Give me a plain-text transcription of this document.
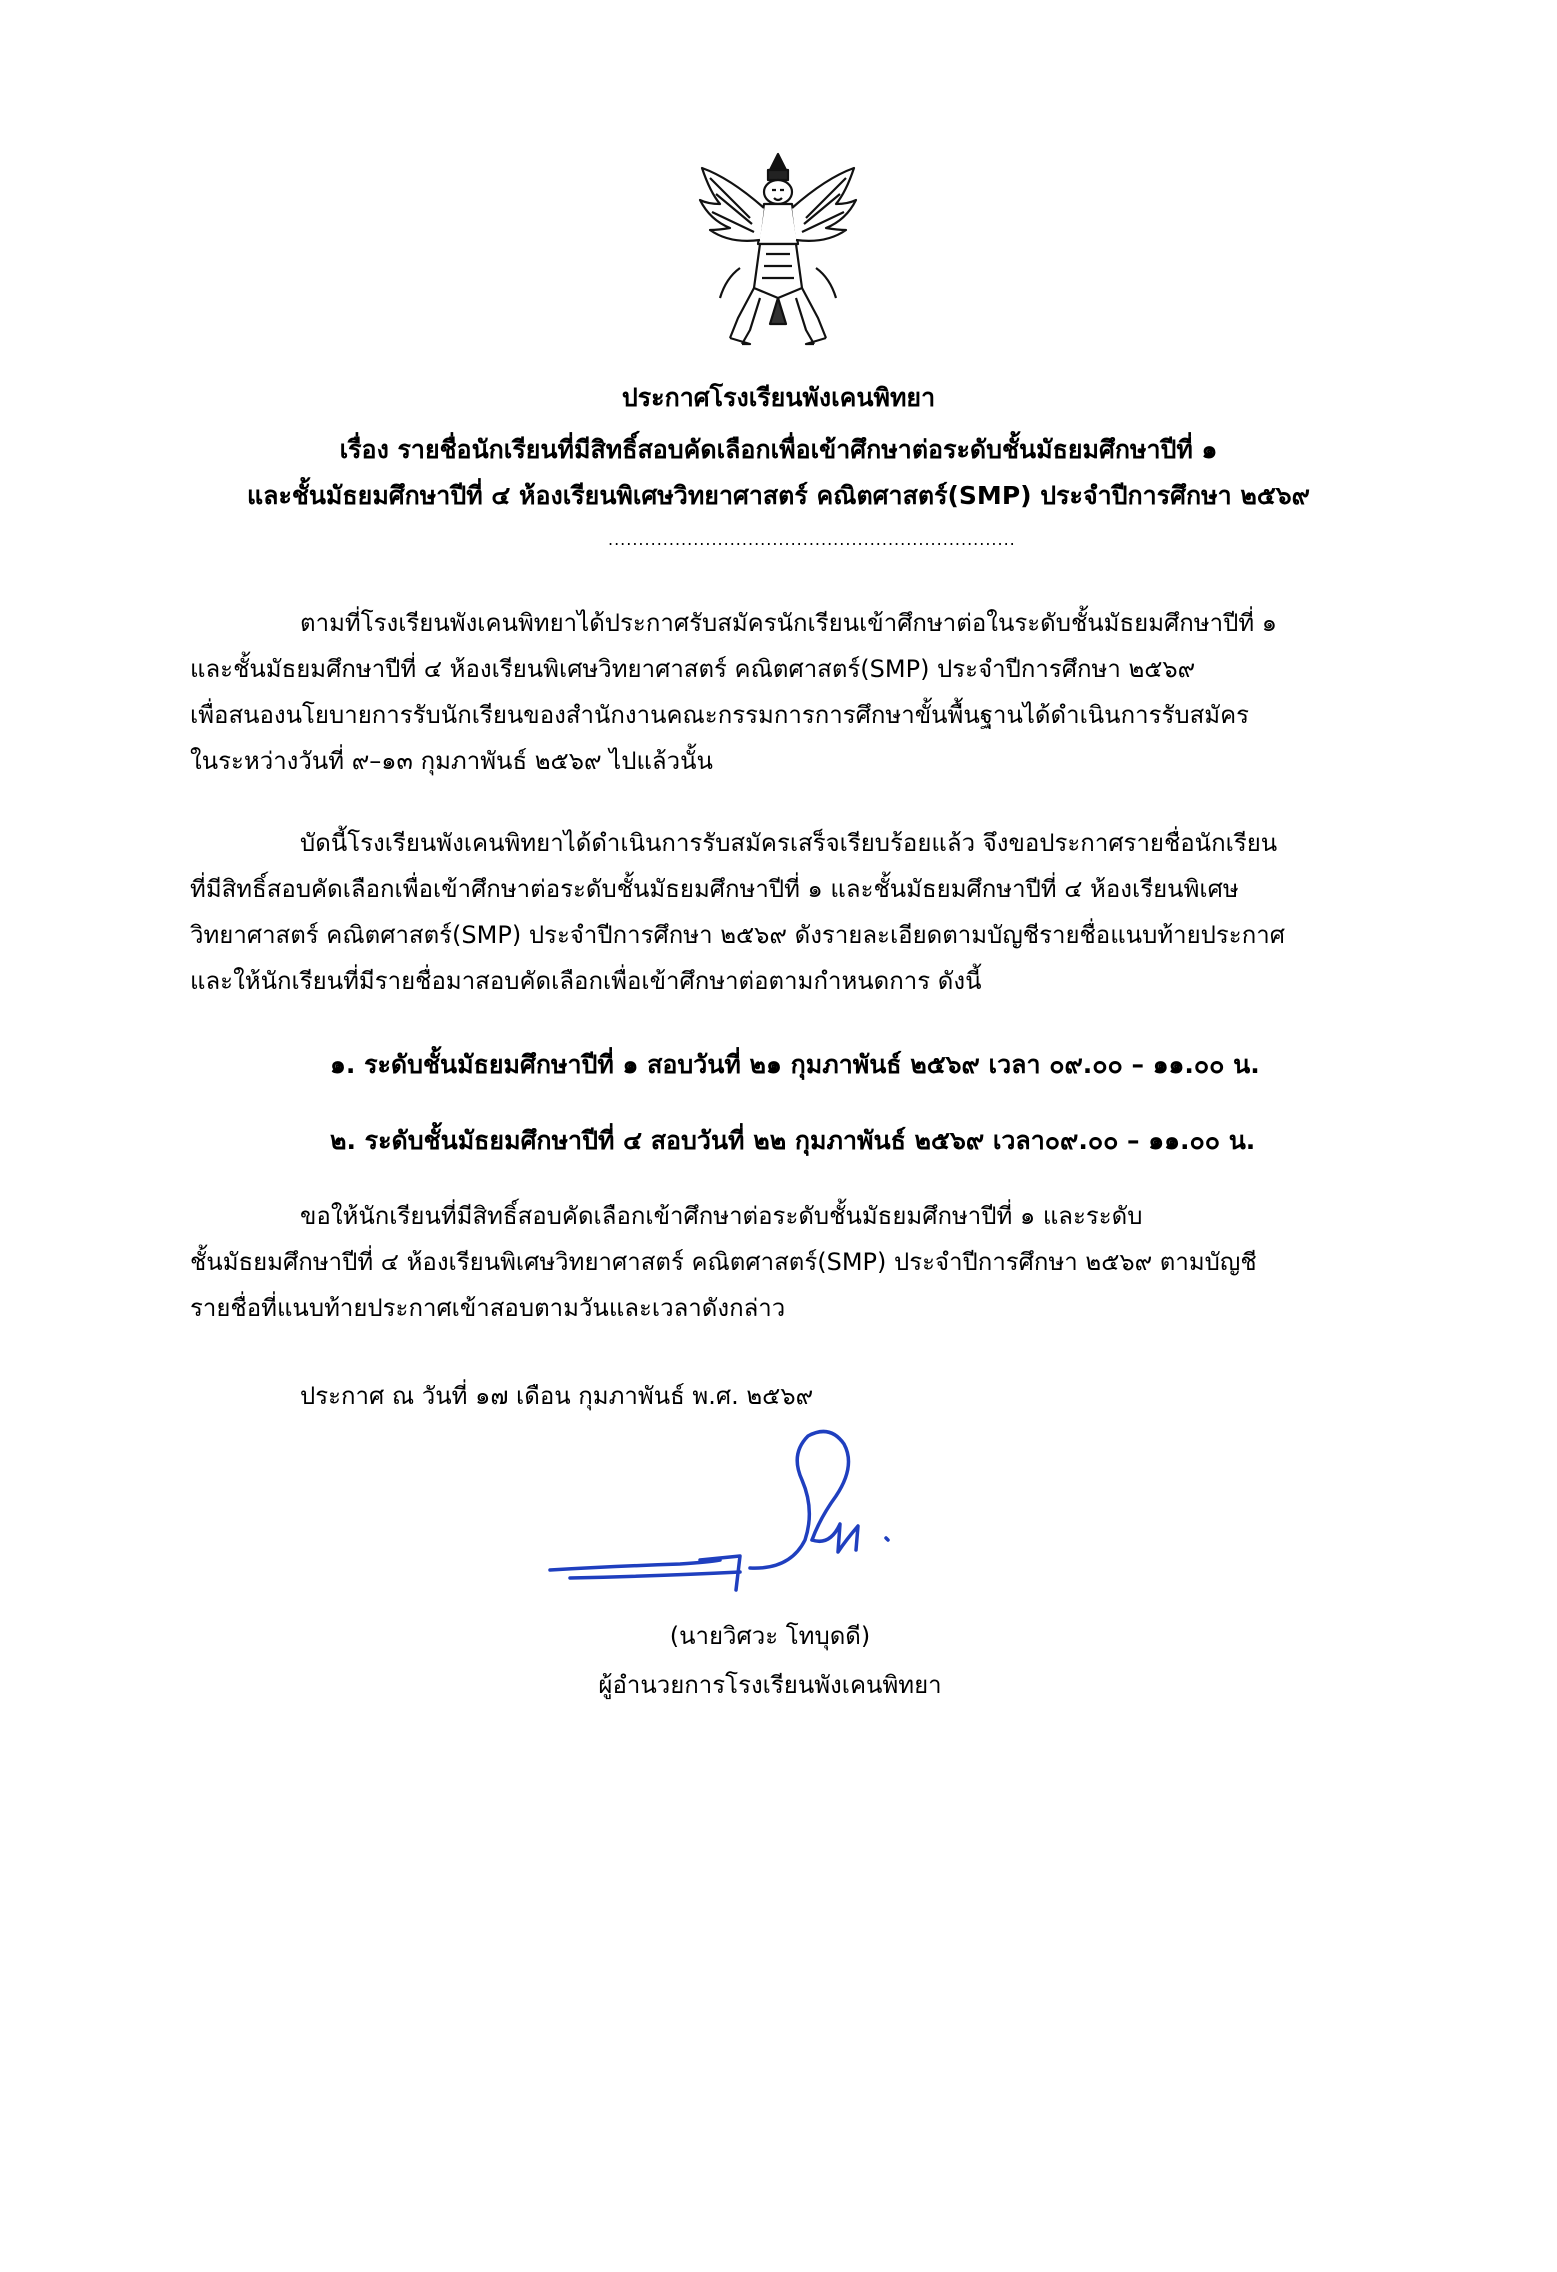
ประกาศโรงเรียนพังเคนพิทยา
เรื่อง รายชื่อนักเรียนที่มีสิทธิ์สอบคัดเลือกเพื่อเข้าศึกษาต่อระดับชั้นมัธยมศึกษาปีที่ ๑
และชั้นมัธยมศึกษาปีที่ ๔ ห้องเรียนพิเศษวิทยาศาสตร์ คณิตศาสตร์(SMP) ประจำปีการศึกษา ๒๕๖๙
...................................................................
ตามที่โรงเรียนพังเคนพิทยาได้ประกาศรับสมัครนักเรียนเข้าศึกษาต่อในระดับชั้นมัธยมศึกษาปีที่ ๑
และชั้นมัธยมศึกษาปีที่ ๔ ห้องเรียนพิเศษวิทยาศาสตร์ คณิตศาสตร์(SMP) ประจำปีการศึกษา ๒๕๖๙
เพื่อสนองนโยบายการรับนักเรียนของสำนักงานคณะกรรมการการศึกษาขั้นพื้นฐานได้ดำเนินการรับสมัคร
ในระหว่างวันที่ ๙–๑๓ กุมภาพันธ์ ๒๕๖๙ ไปแล้วนั้น
บัดนี้โรงเรียนพังเคนพิทยาได้ดำเนินการรับสมัครเสร็จเรียบร้อยแล้ว จึงขอประกาศรายชื่อนักเรียน
ที่มีสิทธิ์สอบคัดเลือกเพื่อเข้าศึกษาต่อระดับชั้นมัธยมศึกษาปีที่ ๑ และชั้นมัธยมศึกษาปีที่ ๔ ห้องเรียนพิเศษ
วิทยาศาสตร์ คณิตศาสตร์(SMP) ประจำปีการศึกษา ๒๕๖๙ ดังรายละเอียดตามบัญชีรายชื่อแนบท้ายประกาศ
และให้นักเรียนที่มีรายชื่อมาสอบคัดเลือกเพื่อเข้าศึกษาต่อตามกำหนดการ ดังนี้
๑. ระดับชั้นมัธยมศึกษาปีที่ ๑ สอบวันที่ ๒๑ กุมภาพันธ์ ๒๕๖๙ เวลา ๐๙.๐๐ – ๑๑.๐๐ น.
๒. ระดับชั้นมัธยมศึกษาปีที่ ๔ สอบวันที่ ๒๒ กุมภาพันธ์ ๒๕๖๙ เวลา๐๙.๐๐ – ๑๑.๐๐ น.
ขอให้นักเรียนที่มีสิทธิ์สอบคัดเลือกเข้าศึกษาต่อระดับชั้นมัธยมศึกษาปีที่ ๑ และระดับ
ชั้นมัธยมศึกษาปีที่ ๔ ห้องเรียนพิเศษวิทยาศาสตร์ คณิตศาสตร์(SMP) ประจำปีการศึกษา ๒๕๖๙ ตามบัญชี
รายชื่อที่แนบท้ายประกาศเข้าสอบตามวันและเวลาดังกล่าว
ประกาศ ณ วันที่ ๑๗ เดือน กุมภาพันธ์ พ.ศ. ๒๕๖๙
(นายวิศวะ โทบุดดี)
ผู้อำนวยการโรงเรียนพังเคนพิทยา
